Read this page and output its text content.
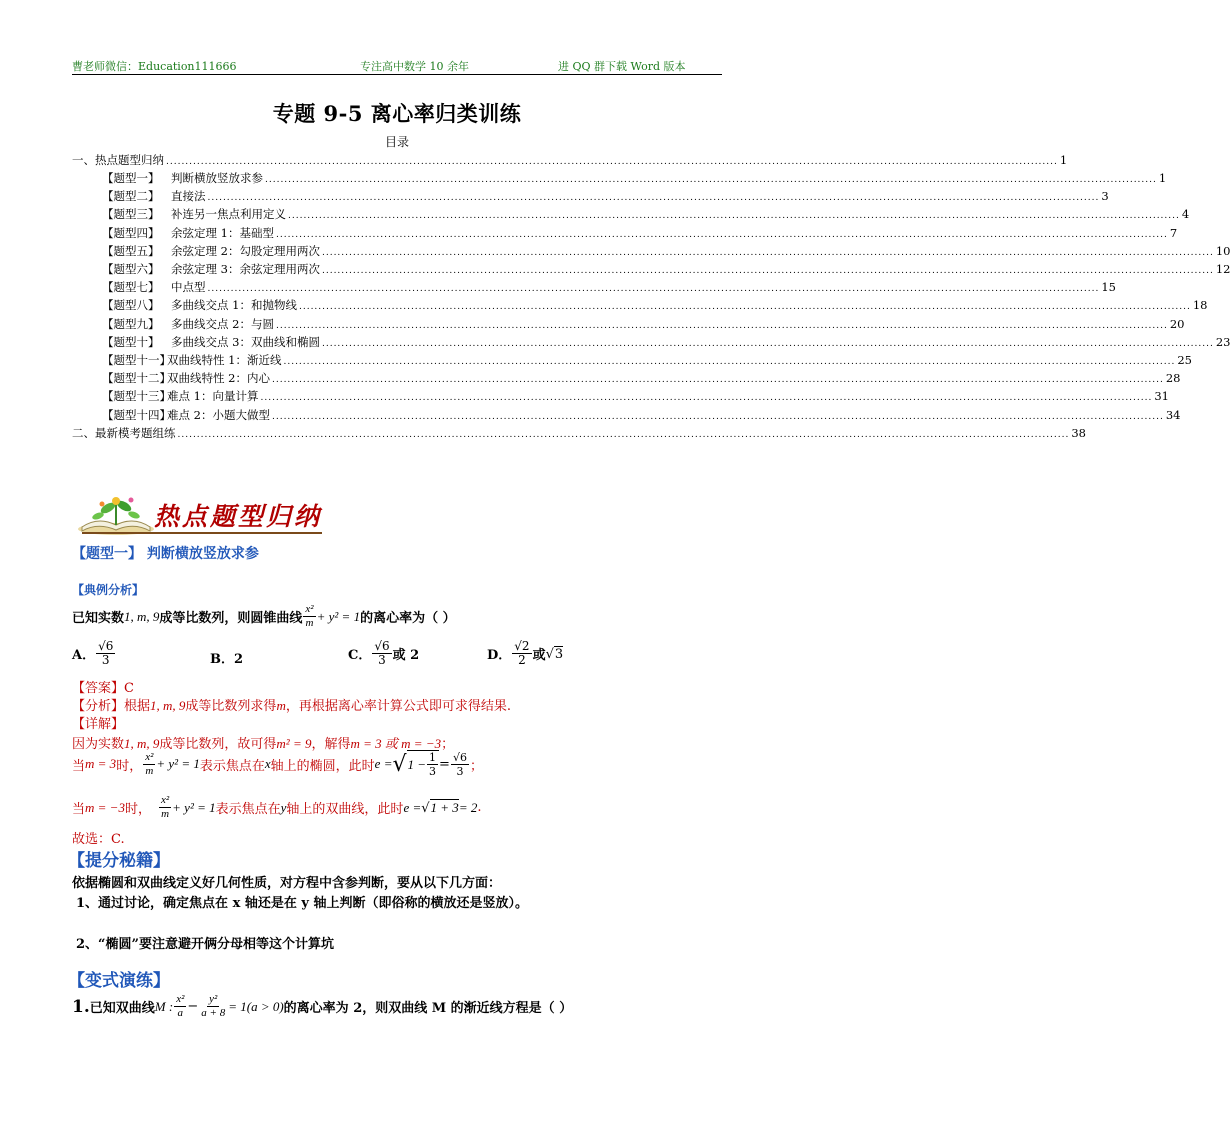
曹老师微信：Education111666	专注高中数学 10 余年	进 QQ 群下载 Word 版本
专题 9-5 离心率归类训练
目录
一、热点题型归纳 ....................................................................................................................................................................................................................................... 1
【题型一】 判断横放竖放求参 ....................................................................................................................................................................................................................................... 1
【题型二】 直接法 ....................................................................................................................................................................................................................................... 3
【题型三】 补连另一焦点利用定义 ....................................................................................................................................................................................................................................... 4
【题型四】 余弦定理 1：基础型 ....................................................................................................................................................................................................................................... 7
【题型五】 余弦定理 2：勾股定理用两次 ....................................................................................................................................................................................................................................... 10
【题型六】 余弦定理 3：余弦定理用两次 ....................................................................................................................................................................................................................................... 12
【题型七】 中点型 ....................................................................................................................................................................................................................................... 15
【题型八】 多曲线交点 1：和抛物线 ....................................................................................................................................................................................................................................... 18
【题型九】 多曲线交点 2：与圆 ....................................................................................................................................................................................................................................... 20
【题型十】 多曲线交点 3：双曲线和椭圆 ....................................................................................................................................................................................................................................... 23
【题型十一】双曲线特性 1：渐近线 ....................................................................................................................................................................................................................................... 25
【题型十二】双曲线特性 2：内心 ....................................................................................................................................................................................................................................... 28
【题型十三】难点 1：向量计算 ....................................................................................................................................................................................................................................... 31
【题型十四】难点 2：小题大做型 ....................................................................................................................................................................................................................................... 34
二、最新模考题组练 ....................................................................................................................................................................................................................................... 38
热点题型归纳
【题型一】 判断横放竖放求参
【典例分析】
已知实数 1, m, 9 成等比数列，则圆锥曲线 $\frac{\text{x²}}{m} + y^2 = 1$ 的离心率为（ ）
A． $\frac{√6}{3}$	B．2	C． $\frac{√6}{3}$ 或 2	D． $\frac{√2}{2}$ 或 √3
【答案】C
【分析】根据1, m, 9成等比数列求得m，再根据离心率计算公式即可求得结果.
【详解】
因为实数1, m, 9成等比数列，故可得m² = 9，解得m = 3 或 m = −3；
当 m = 3 时， $\frac{\text{x²}}{m} + y^2 = 1$ 表示焦点在 x 轴上的椭圆，此时 e = √ $1 - \frac{1}{3} = \frac{√6}{3}$ ；
当 m = −3 时， $\frac{\text{x²}}{m} + y^2 = 1$ 表示焦点在 y 轴上的双曲线，此时 e = √1 + 3 = 2 .
故选：C.
【提分秘籍】
依据椭圆和双曲线定义好几何性质，对方程中含参判断，要从以下几方面：
1、通过讨论，确定焦点在 x 轴还是在 y 轴上判断（即俗称的横放还是竖放）。
2、“椭圆”要注意避开俩分母相等这个计算坑
【变式演练】
1. 已知双曲线 M : $\frac{\text{x²}}{a} - \frac{\text{y²}}{a + 8} = 1(a > 0)$ 的离心率为 2，则双曲线 M 的渐近线方程是（ ）
